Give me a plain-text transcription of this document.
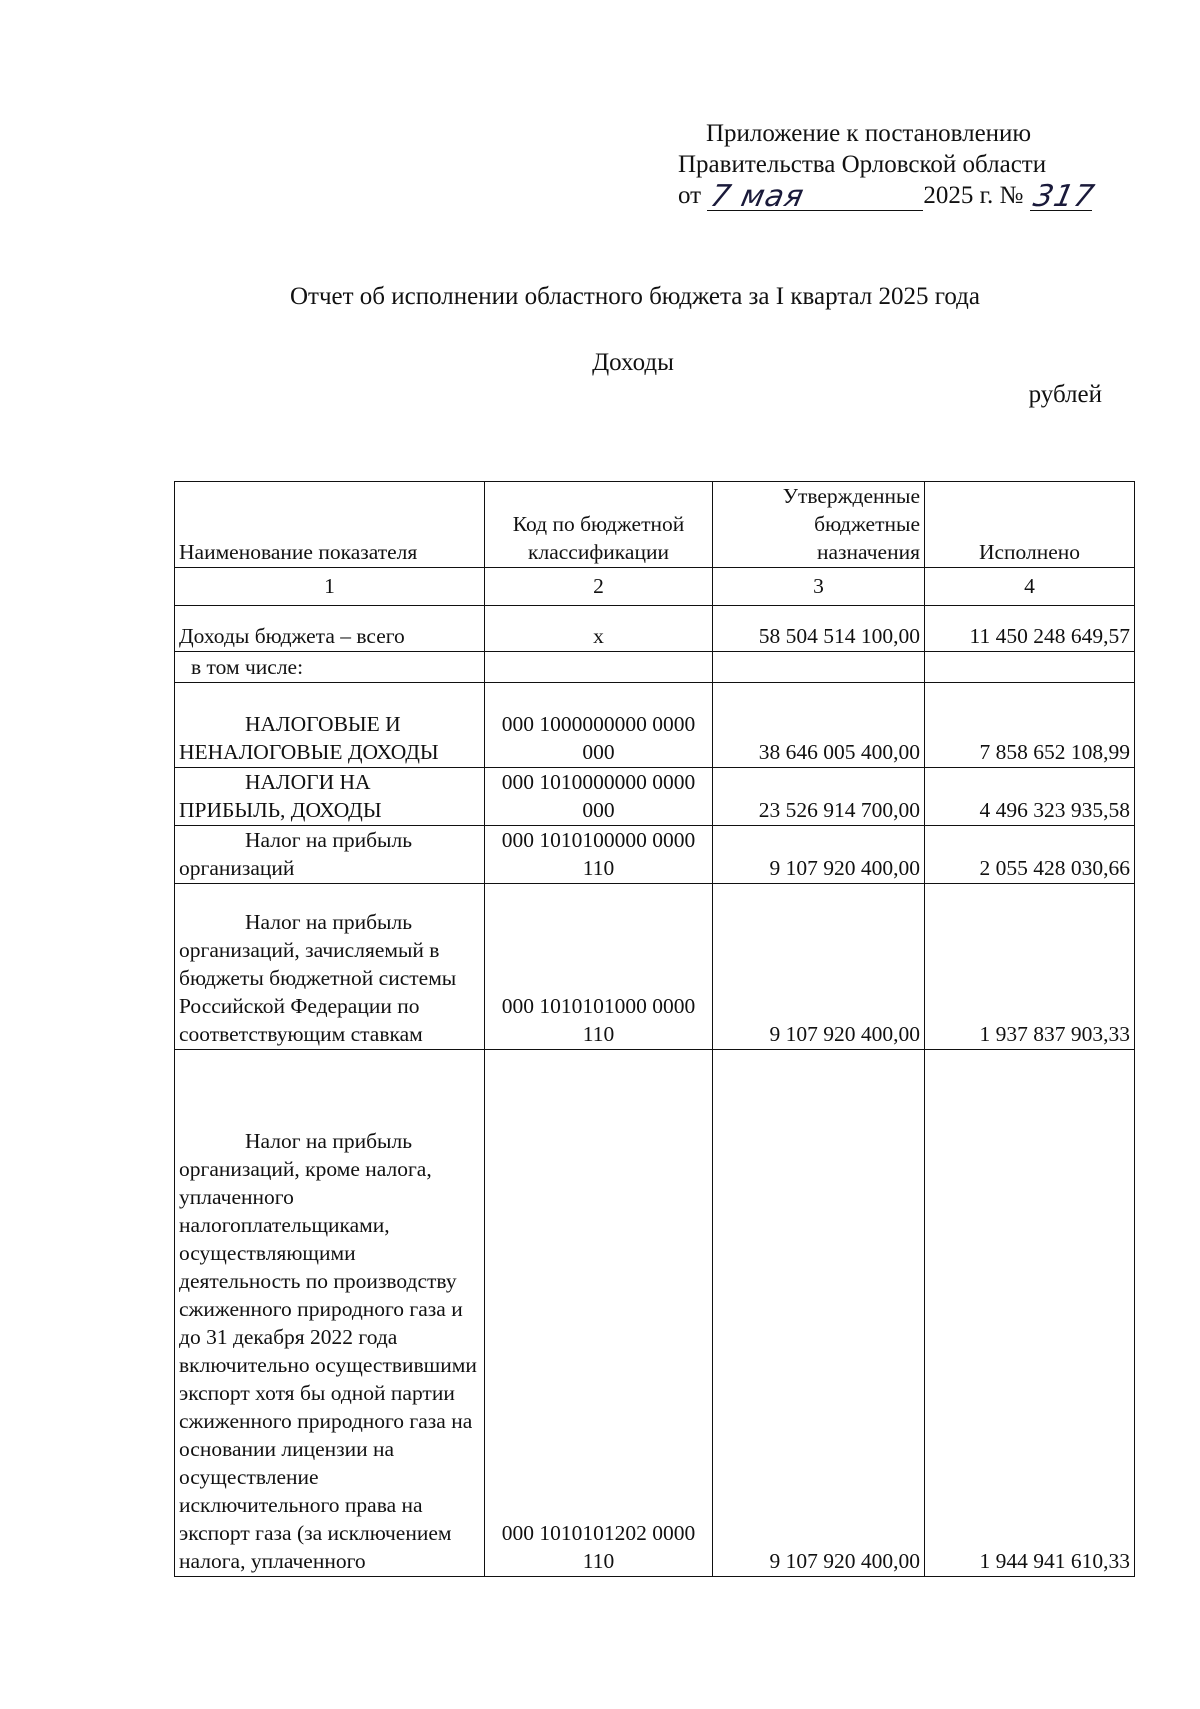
Приложение к постановлению
Правительства Орловской области
от 7 мая	2025 г. № 317
Отчет об исполнении областного бюджета за I квартал 2025 года
Доходы
рублей
Наименование показателя	Код по бюджетной классификации	Утвержденные бюджетные назначения	Исполнено
1	2	3	4
Доходы бюджета – всего	x	58 504 514 100,00	11 450 248 649,57
в том числе:			
НАЛОГОВЫЕ И НЕНАЛОГОВЫЕ ДОХОДЫ	000 1000000000 0000 000	38 646 005 400,00	7 858 652 108,99
НАЛОГИ НА ПРИБЫЛЬ, ДОХОДЫ	000 1010000000 0000 000	23 526 914 700,00	4 496 323 935,58
Налог на прибыль организаций	000 1010100000 0000 110	9 107 920 400,00	2 055 428 030,66
Налог на прибыль организаций, зачисляемый в бюджеты бюджетной системы Российской Федерации по соответствующим ставкам	000 1010101000 0000 110	9 107 920 400,00	1 937 837 903,33
Налог на прибыль организаций, кроме налога, уплаченного налогоплательщиками, осуществляющими деятельность по производству сжиженного природного газа и до 31 декабря 2022 года включительно осуществившими экспорт хотя бы одной партии сжиженного природного газа на основании лицензии на осуществление исключительного права на экспорт газа (за исключением налога, уплаченного	000 1010101202 0000 110	9 107 920 400,00	1 944 941 610,33
